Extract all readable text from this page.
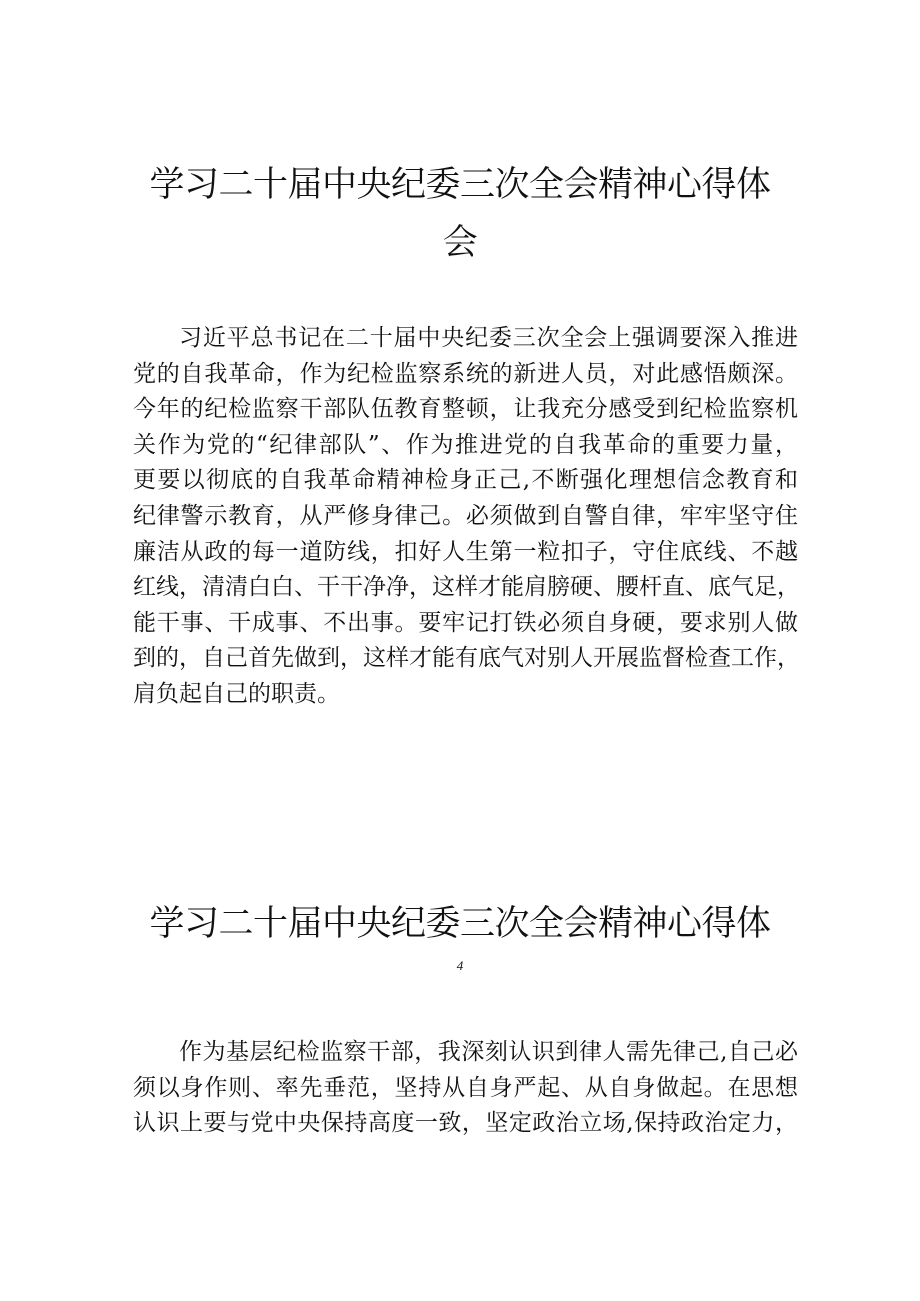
学习二十届中央纪委三次全会精神心得体
会
习近平总书记在二十届中央纪委三次全会上强调要深入推进
党的自我革命，作为纪检监察系统的新进人员，对此感悟颇深。
今年的纪检监察干部队伍教育整顿，让我充分感受到纪检监察机
关作为党的“纪律部队”、作为推进党的自我革命的重要力量，
更要以彻底的自我革命精神检身正己,不断强化理想信念教育和
纪律警示教育，从严修身律己。必须做到自警自律，牢牢坚守住
廉洁从政的每一道防线，扣好人生第一粒扣子，守住底线、不越
红线，清清白白、干干净净，这样才能肩膀硬、腰杆直、底气足，
能干事、干成事、不出事。要牢记打铁必须自身硬，要求别人做
到的，自己首先做到，这样才能有底气对别人开展监督检查工作，
肩负起自己的职责。
学习二十届中央纪委三次全会精神心得体
4
作为基层纪检监察干部，我深刻认识到律人需先律己,自己必
须以身作则、率先垂范，坚持从自身严起、从自身做起。在思想
认识上要与党中央保持高度一致，坚定政治立场,保持政治定力，
